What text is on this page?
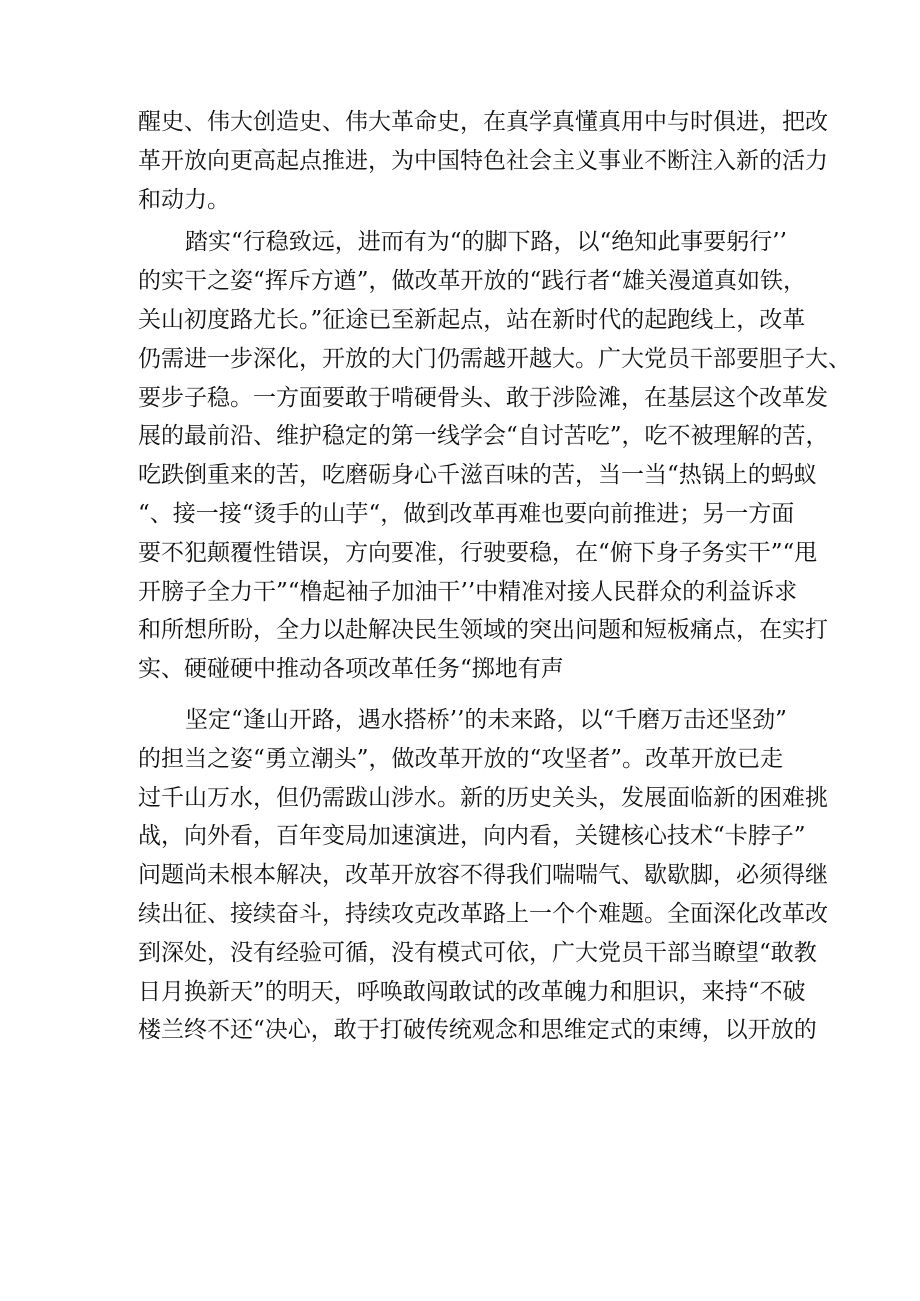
醒史、伟大创造史、伟大革命史，在真学真懂真用中与时俱进，把改
革开放向更高起点推进，为中国特色社会主义事业不断注入新的活力
和动力。
踏实“行稳致远，进而有为“的脚下路，以“绝知此事要躬行’’
的实干之姿“挥斥方遒”，做改革开放的“践行者“雄关漫道真如铁，
关山初度路尤长。”征途已至新起点，站在新时代的起跑线上，改革
仍需进一步深化，开放的大门仍需越开越大。广大党员干部要胆子大、
要步子稳。一方面要敢于啃硬骨头、敢于涉险滩，在基层这个改革发
展的最前沿、维护稳定的第一线学会“自讨苦吃”，吃不被理解的苦，
吃跌倒重来的苦，吃磨砺身心千滋百味的苦，当一当“热锅上的蚂蚁
“、接一接“烫手的山芋“，做到改革再难也要向前推进；另一方面
要不犯颠覆性错误，方向要准，行驶要稳，在“俯下身子务实干”“甩
开膀子全力干”“橹起袖子加油干’’中精准对接人民群众的利益诉求
和所想所盼，全力以赴解决民生领域的突出问题和短板痛点，在实打
实、硬碰硬中推动各项改革任务“掷地有声
坚定“逢山开路，遇水搭桥’’的未来路，以“千磨万击还坚劲”
的担当之姿“勇立潮头”，做改革开放的“攻坚者”。改革开放已走
过千山万水，但仍需跋山涉水。新的历史关头，发展面临新的困难挑
战，向外看，百年变局加速演进，向内看，关键核心技术“卡脖子”
问题尚未根本解决，改革开放容不得我们喘喘气、歇歇脚，必须得继
续出征、接续奋斗，持续攻克改革路上一个个难题。全面深化改革改
到深处，没有经验可循，没有模式可依，广大党员干部当瞭望“敢教
日月换新天”的明天，呼唤敢闯敢试的改革魄力和胆识，来持“不破
楼兰终不还“决心，敢于打破传统观念和思维定式的束缚，以开放的
